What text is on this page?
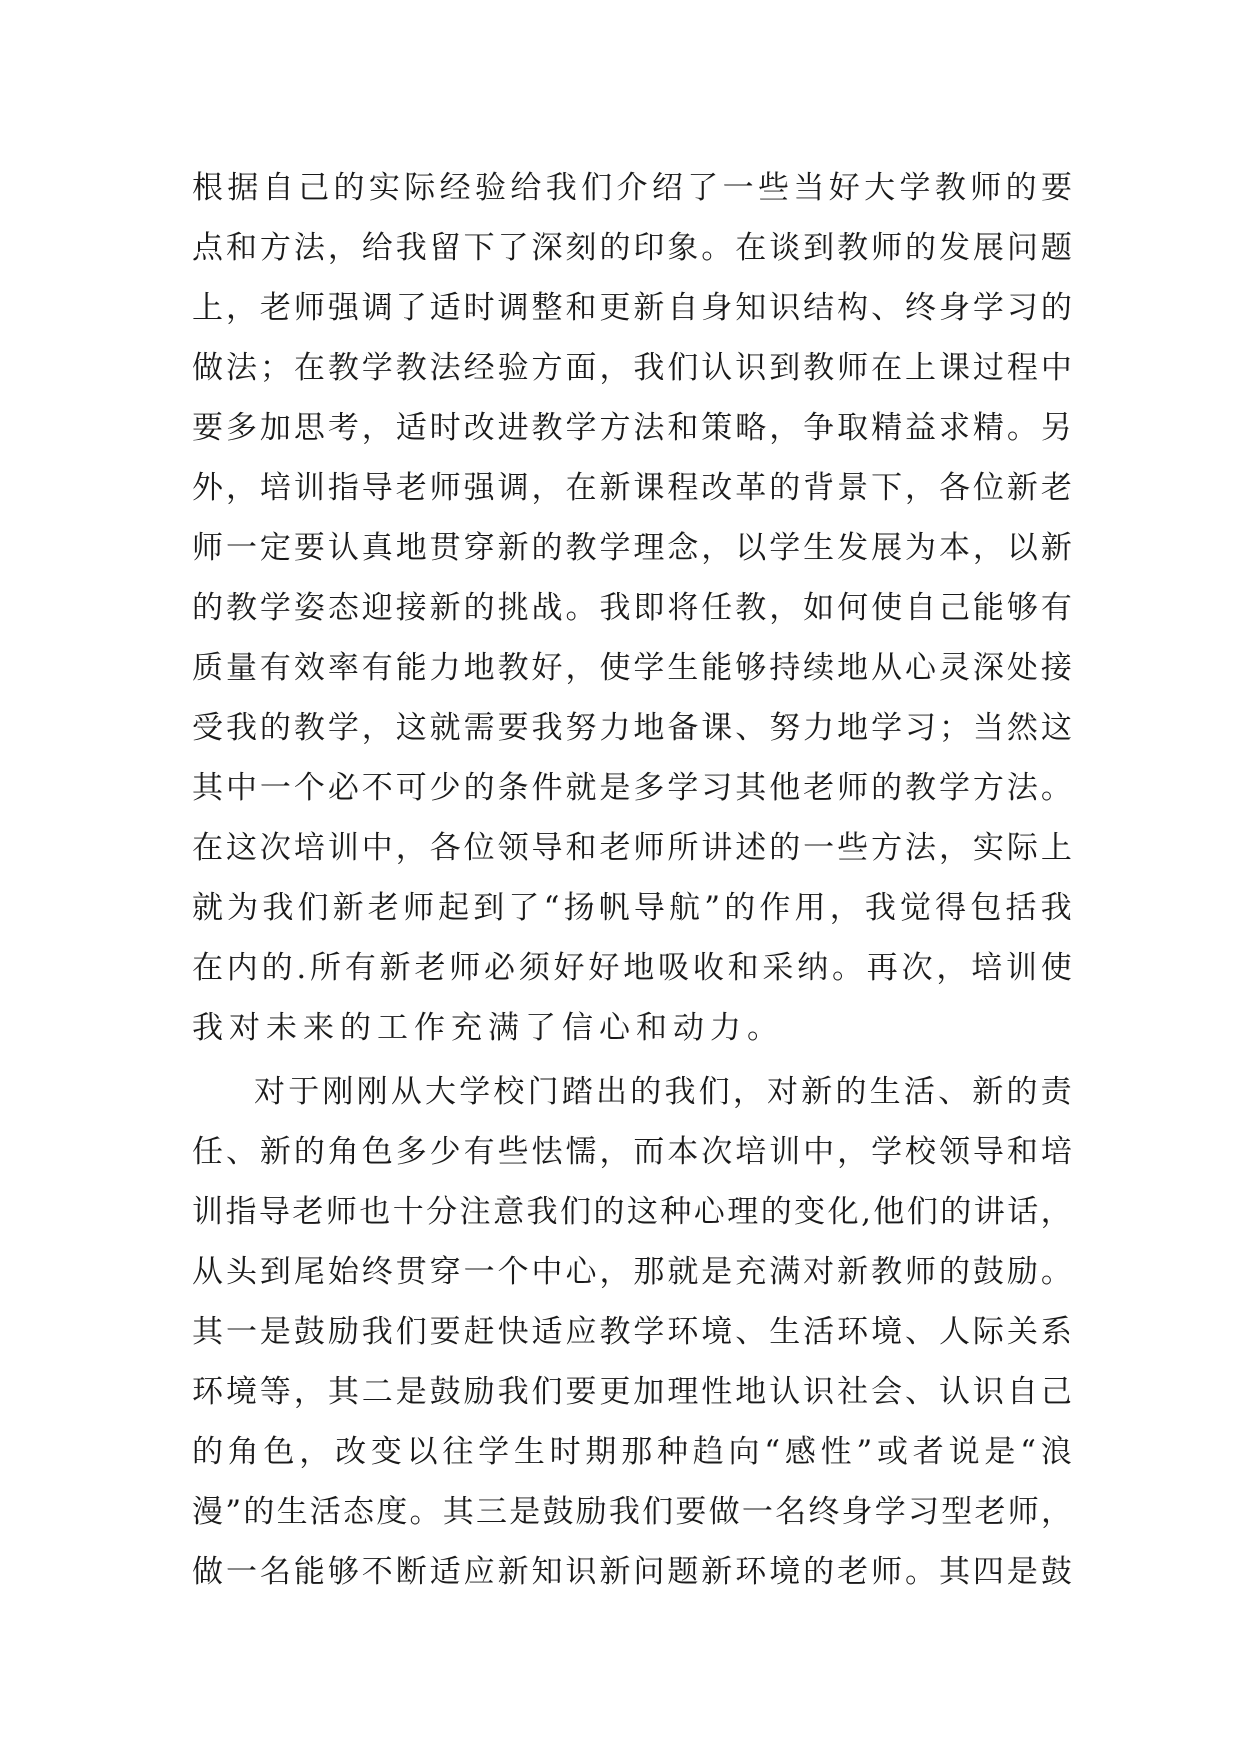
根 据 自 己 的 实 际 经 验 给 我 们 介 绍 了 一 些 当 好 大 学 教 师 的 要
点 和 方 法 ， 给 我 留 下 了 深 刻 的 印 象 。 在 谈 到 教 师 的 发 展 问 题
上 ， 老 师 强 调 了 适 时 调 整 和 更 新 自 身 知 识 结 构 、 终 身 学 习 的
做 法 ； 在 教 学 教 法 经 验 方 面 ， 我 们 认 识 到 教 师 在 上 课 过 程 中
要 多 加 思 考 ， 适 时 改 进 教 学 方 法 和 策 略 ， 争 取 精 益 求 精 。 另
外 ， 培 训 指 导 老 师 强 调 ， 在 新 课 程 改 革 的 背 景 下 ， 各 位 新 老
师 一 定 要 认 真 地 贯 穿 新 的 教 学 理 念 ， 以 学 生 发 展 为 本 ， 以 新
的 教 学 姿 态 迎 接 新 的 挑 战 。 我 即 将 任 教 ， 如 何 使 自 己 能 够 有
质 量 有 效 率 有 能 力 地 教 好 ， 使 学 生 能 够 持 续 地 从 心 灵 深 处 接
受 我 的 教 学 ， 这 就 需 要 我 努 力 地 备 课 、 努 力 地 学 习 ； 当 然 这
其 中 一 个 必 不 可 少 的 条 件 就 是 多 学 习 其 他 老 师 的 教 学 方 法 。
在 这 次 培 训 中 ， 各 位 领 导 和 老 师 所 讲 述 的 一 些 方 法 ， 实 际 上
就 为 我 们 新 老 师 起 到 了 “ 扬 帆 导 航 ” 的 作 用 ， 我 觉 得 包 括 我
在 内 的 . 所 有 新 老 师 必 须 好 好 地 吸 收 和 采 纳 。 再 次 ， 培 训 使
我对未来的工作充满了信心和动力。
对 于 刚 刚 从 大 学 校 门 踏 出 的 我 们 ， 对 新 的 生 活 、 新 的 责
任 、 新 的 角 色 多 少 有 些 怯 懦 ， 而 本 次 培 训 中 ， 学 校 领 导 和 培
训 指 导 老 师 也 十 分 注 意 我 们 的 这 种 心 理 的 变 化 , 他 们 的 讲 话 ，
从 头 到 尾 始 终 贯 穿 一 个 中 心 ， 那 就 是 充 满 对 新 教 师 的 鼓 励 。
其 一 是 鼓 励 我 们 要 赶 快 适 应 教 学 环 境 、 生 活 环 境 、 人 际 关 系
环 境 等 ， 其 二 是 鼓 励 我 们 要 更 加 理 性 地 认 识 社 会 、 认 识 自 己
的 角 色 ， 改 变 以 往 学 生 时 期 那 种 趋 向 “ 感 性 ” 或 者 说 是 “ 浪
漫 ” 的 生 活 态 度 。 其 三 是 鼓 励 我 们 要 做 一 名 终 身 学 习 型 老 师 ，
做 一 名 能 够 不 断 适 应 新 知 识 新 问 题 新 环 境 的 老 师 。 其 四 是 鼓
